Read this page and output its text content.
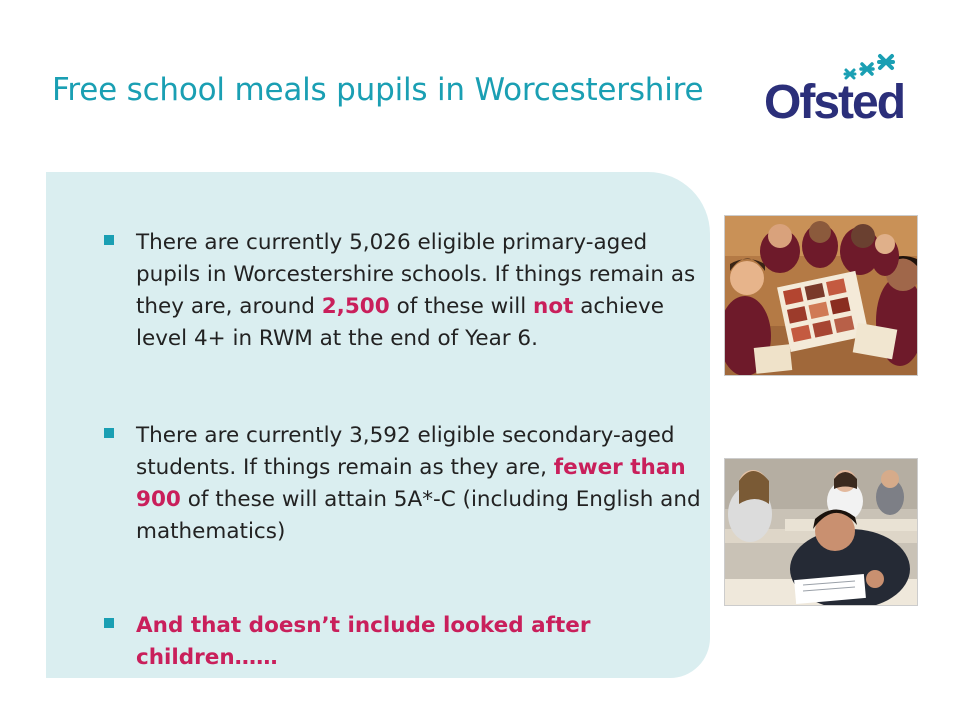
Free school meals pupils in Worcestershire Ofsted
There are currently 5,026 eligible primary-aged pupils in Worcestershire schools. If things remain as they are, around 2,500 of these will not achieve level 4+ in RWM at the end of Year 6.
There are currently 3,592 eligible secondary-aged students. If things remain as they are, fewer than 900 of these will attain 5A*-C (including English and mathematics)
And that doesn’t include looked after children……
